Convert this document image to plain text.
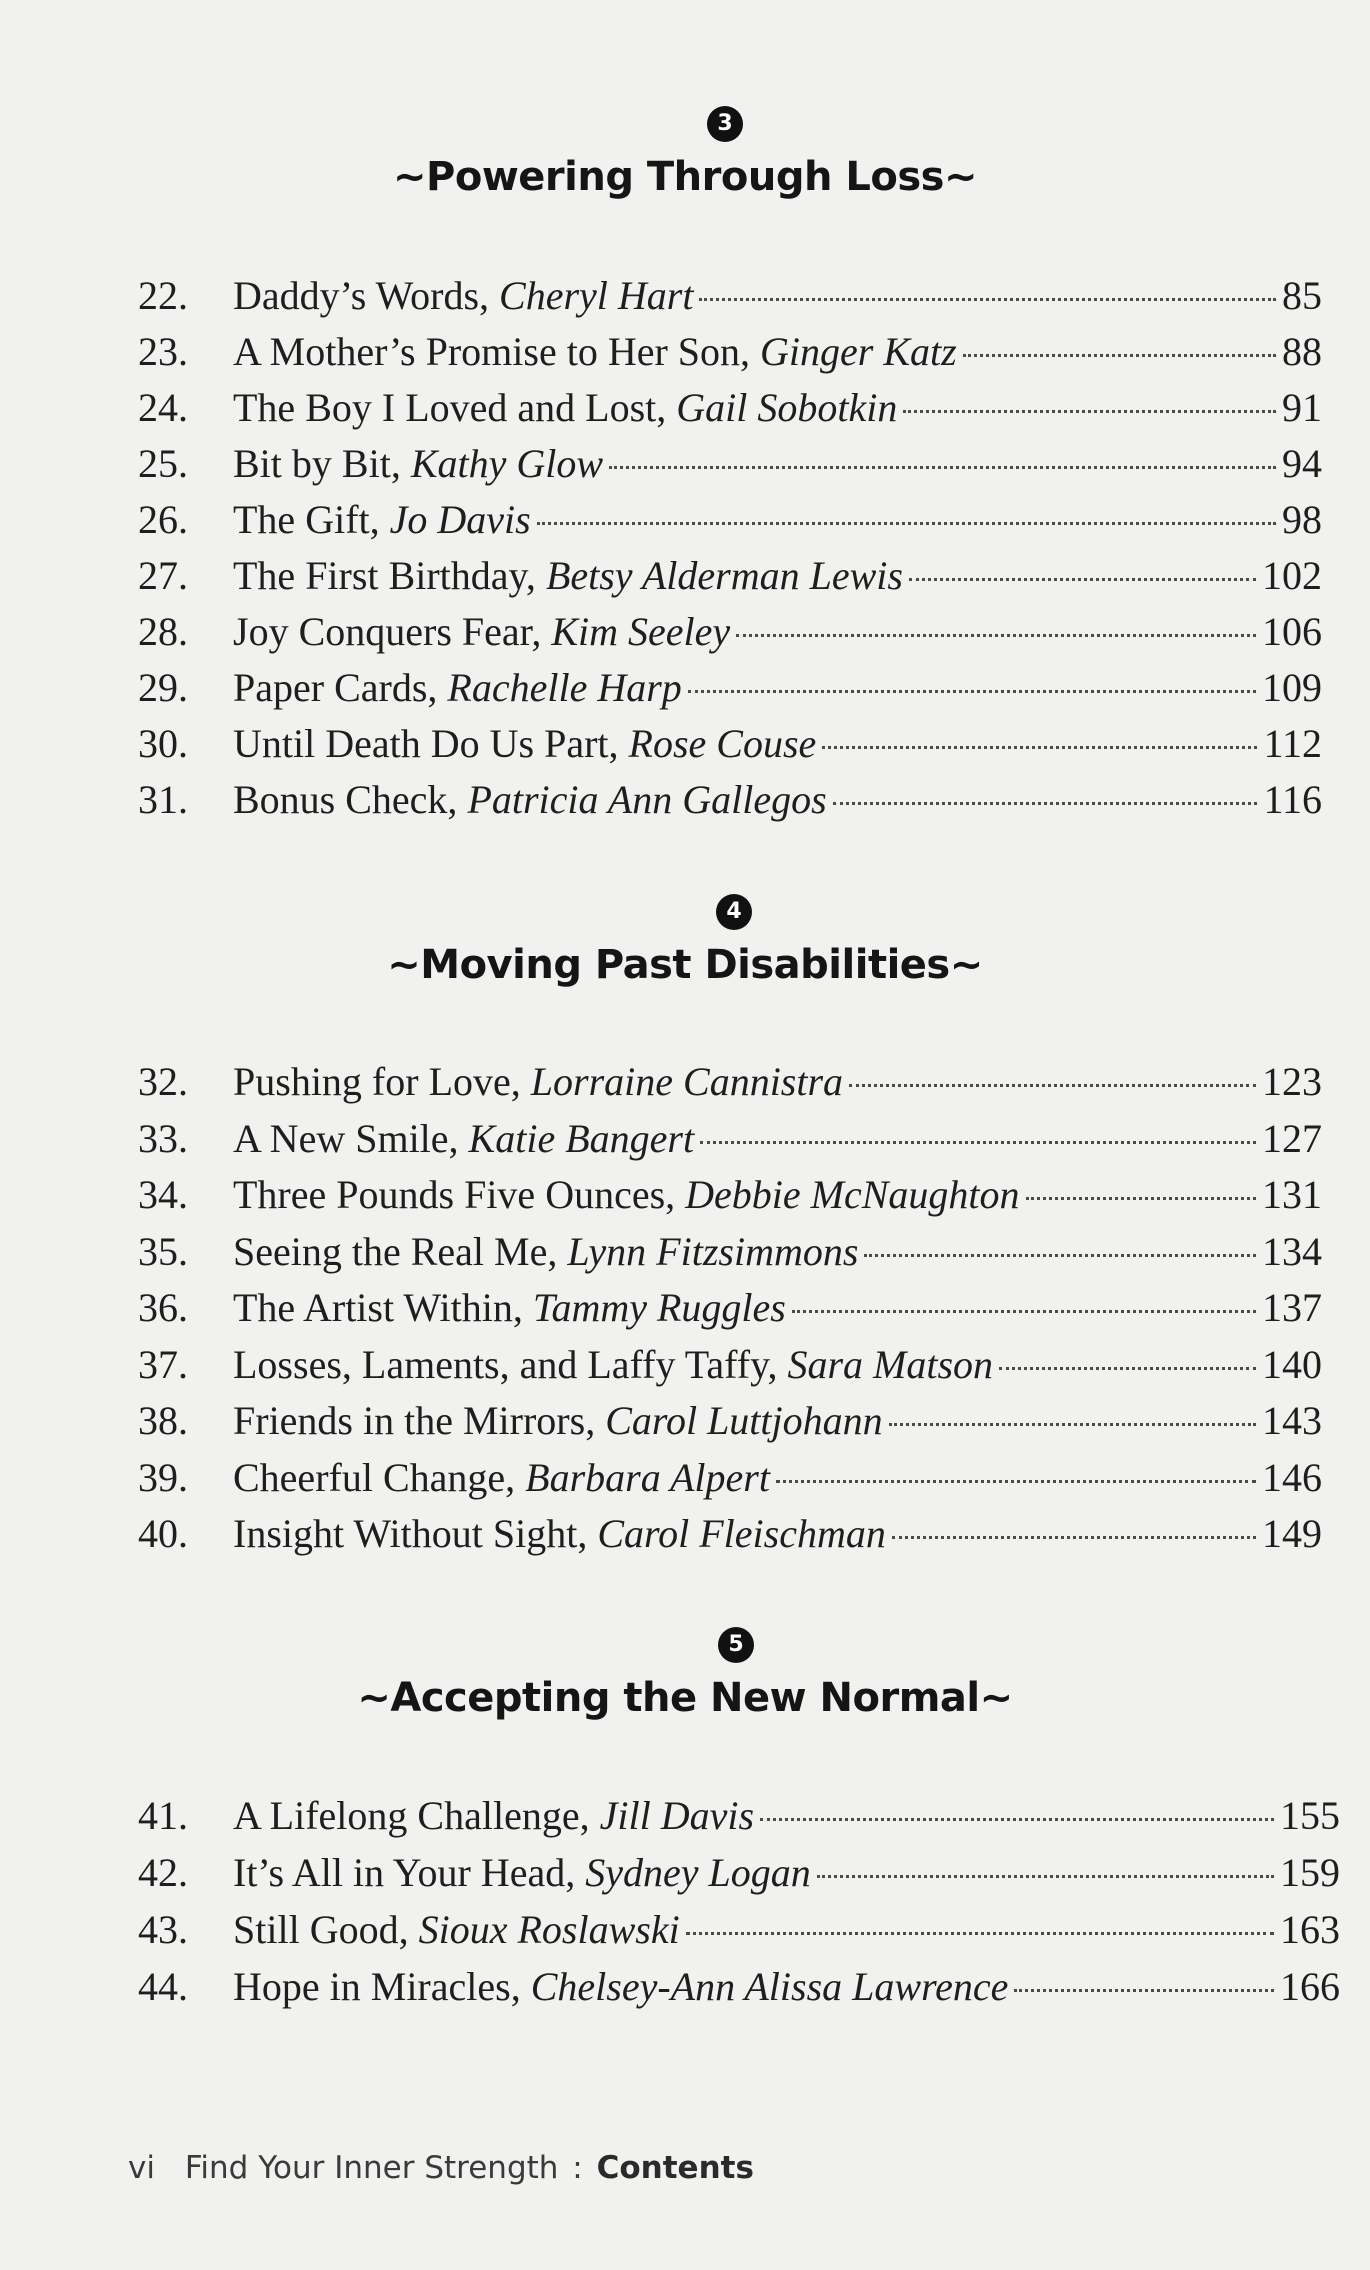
3
~Powering Through Loss~
22.	Daddy’s Words, Cheryl Hart	85
23.	A Mother’s Promise to Her Son, Ginger Katz	88
24.	The Boy I Loved and Lost, Gail Sobotkin	91
25.	Bit by Bit, Kathy Glow	94
26.	The Gift, Jo Davis	98
27.	The First Birthday, Betsy Alderman Lewis	102
28.	Joy Conquers Fear, Kim Seeley	106
29.	Paper Cards, Rachelle Harp	109
30.	Until Death Do Us Part, Rose Couse	112
31.	Bonus Check, Patricia Ann Gallegos	116
4
~Moving Past Disabilities~
32.	Pushing for Love, Lorraine Cannistra	123
33.	A New Smile, Katie Bangert	127
34.	Three Pounds Five Ounces, Debbie McNaughton	131
35.	Seeing the Real Me, Lynn Fitzsimmons	134
36.	The Artist Within, Tammy Ruggles	137
37.	Losses, Laments, and Laffy Taffy, Sara Matson	140
38.	Friends in the Mirrors, Carol Luttjohann	143
39.	Cheerful Change, Barbara Alpert	146
40.	Insight Without Sight, Carol Fleischman	149
5
~Accepting the New Normal~
41.	A Lifelong Challenge, Jill Davis	155
42.	It’s All in Your Head, Sydney Logan	159
43.	Still Good, Sioux Roslawski	163
44.	Hope in Miracles, Chelsey-Ann Alissa Lawrence	166
vi Find Your Inner Strength : Contents
